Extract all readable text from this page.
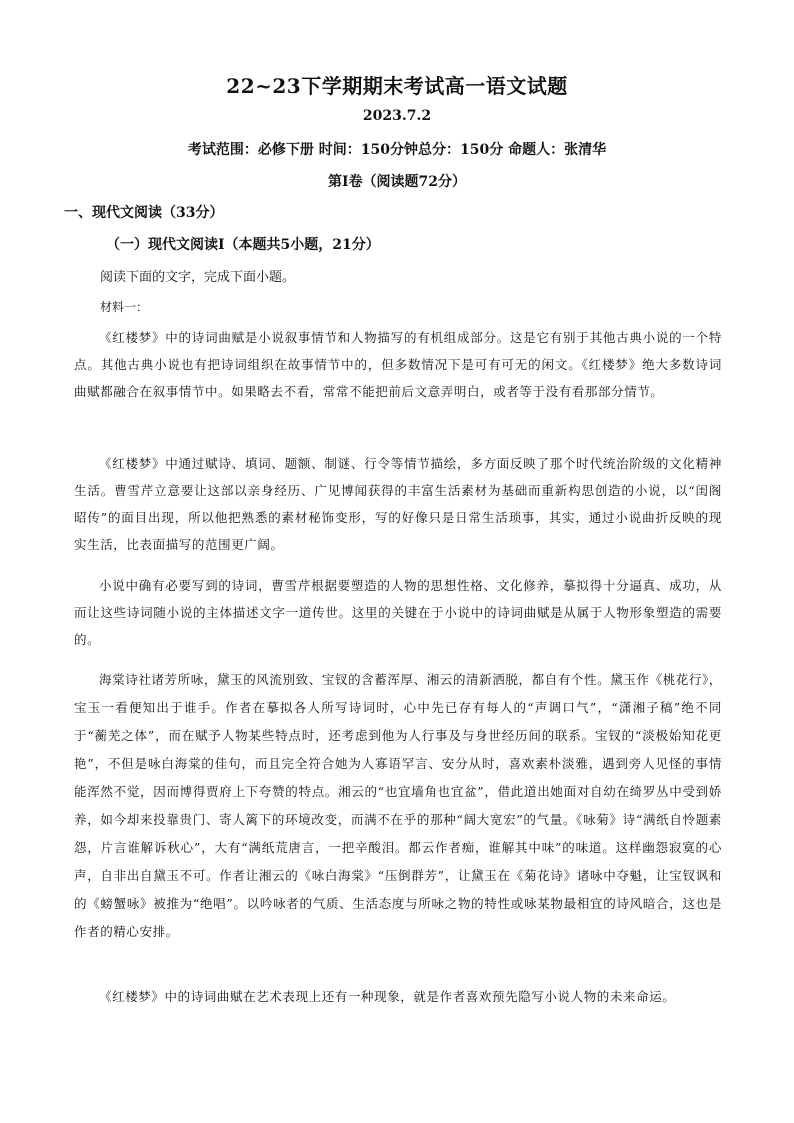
22~23下学期期末考试高一语文试题
2023.7.2
考试范围：必修下册 时间：150分钟总分：150分 命题人：张清华
第Ⅰ卷（阅读题72分）
一、现代文阅读（33分）
（一）现代文阅读Ⅰ（本题共5小题，21分）
阅读下面的文字，完成下面小题。
材料一：

《红楼梦》中的诗词曲赋是小说叙事情节和人物描写的有机组成部分。这是它有别于其他古典小说的一个特点。其他古典小说也有把诗词组织在故事情节中的，但多数情况下是可有可无的闲文。《红楼梦》绝大多数诗词曲赋都融合在叙事情节中。如果略去不看，常常不能把前后文意弄明白，或者等于没有看那部分情节。

《红楼梦》中通过赋诗、填词、题额、制谜、行令等情节描绘，多方面反映了那个时代统治阶级的文化精神生活。曹雪芹立意要让这部以亲身经历、广见博闻获得的丰富生活素材为基础而重新构思创造的小说，以“闺阁昭传”的面目出现，所以他把熟悉的素材秘饰变形，写的好像只是日常生活琐事，其实，通过小说曲折反映的现实生活，比表面描写的范围更广阔。

小说中确有必要写到的诗词，曹雪芹根据要塑造的人物的思想性格、文化修养，摹拟得十分逼真、成功，从而让这些诗词随小说的主体描述文字一道传世。这里的关键在于小说中的诗词曲赋是从属于人物形象塑造的需要的。

海棠诗社诸芳所咏，黛玉的风流别致、宝钗的含蓄浑厚、湘云的清新洒脱，都自有个性。黛玉作《桃花行》，宝玉一看便知出于谁手。作者在摹拟各人所写诗词时，心中先已存有每人的“声调口气”，“潇湘子稿”绝不同于“蘅芜之体”，而在赋予人物某些特点时，还考虑到他为人行事及与身世经历间的联系。宝钗的“淡极始知花更艳”，不但是咏白海棠的佳句，而且完全符合她为人寡语罕言、安分从时，喜欢素朴淡雅，遇到旁人见怪的事情能浑然不觉，因而博得贾府上下夸赞的特点。湘云的“也宜墙角也宜盆”，借此道出她面对自幼在绮罗丛中受到娇养，如今却来投靠贵门、寄人篱下的环境改变，而满不在乎的那种“阔大宽宏”的气量。《咏菊》诗“满纸自怜题素怨，片言谁解诉秋心”，大有“满纸荒唐言，一把辛酸泪。都云作者痴，谁解其中味”的味道。这样幽怨寂寞的心声，自非出自黛玉不可。作者让湘云的《咏白海棠》“压倒群芳”，让黛玉在《菊花诗》诸咏中夺魁，让宝钗讽和的《螃蟹咏》被推为“绝唱”。以吟咏者的气质、生活态度与所咏之物的特性或咏某物最相宜的诗风暗合，这也是作者的精心安排。

《红楼梦》中的诗词曲赋在艺术表现上还有一种现象，就是作者喜欢预先隐写小说人物的未来命运。
